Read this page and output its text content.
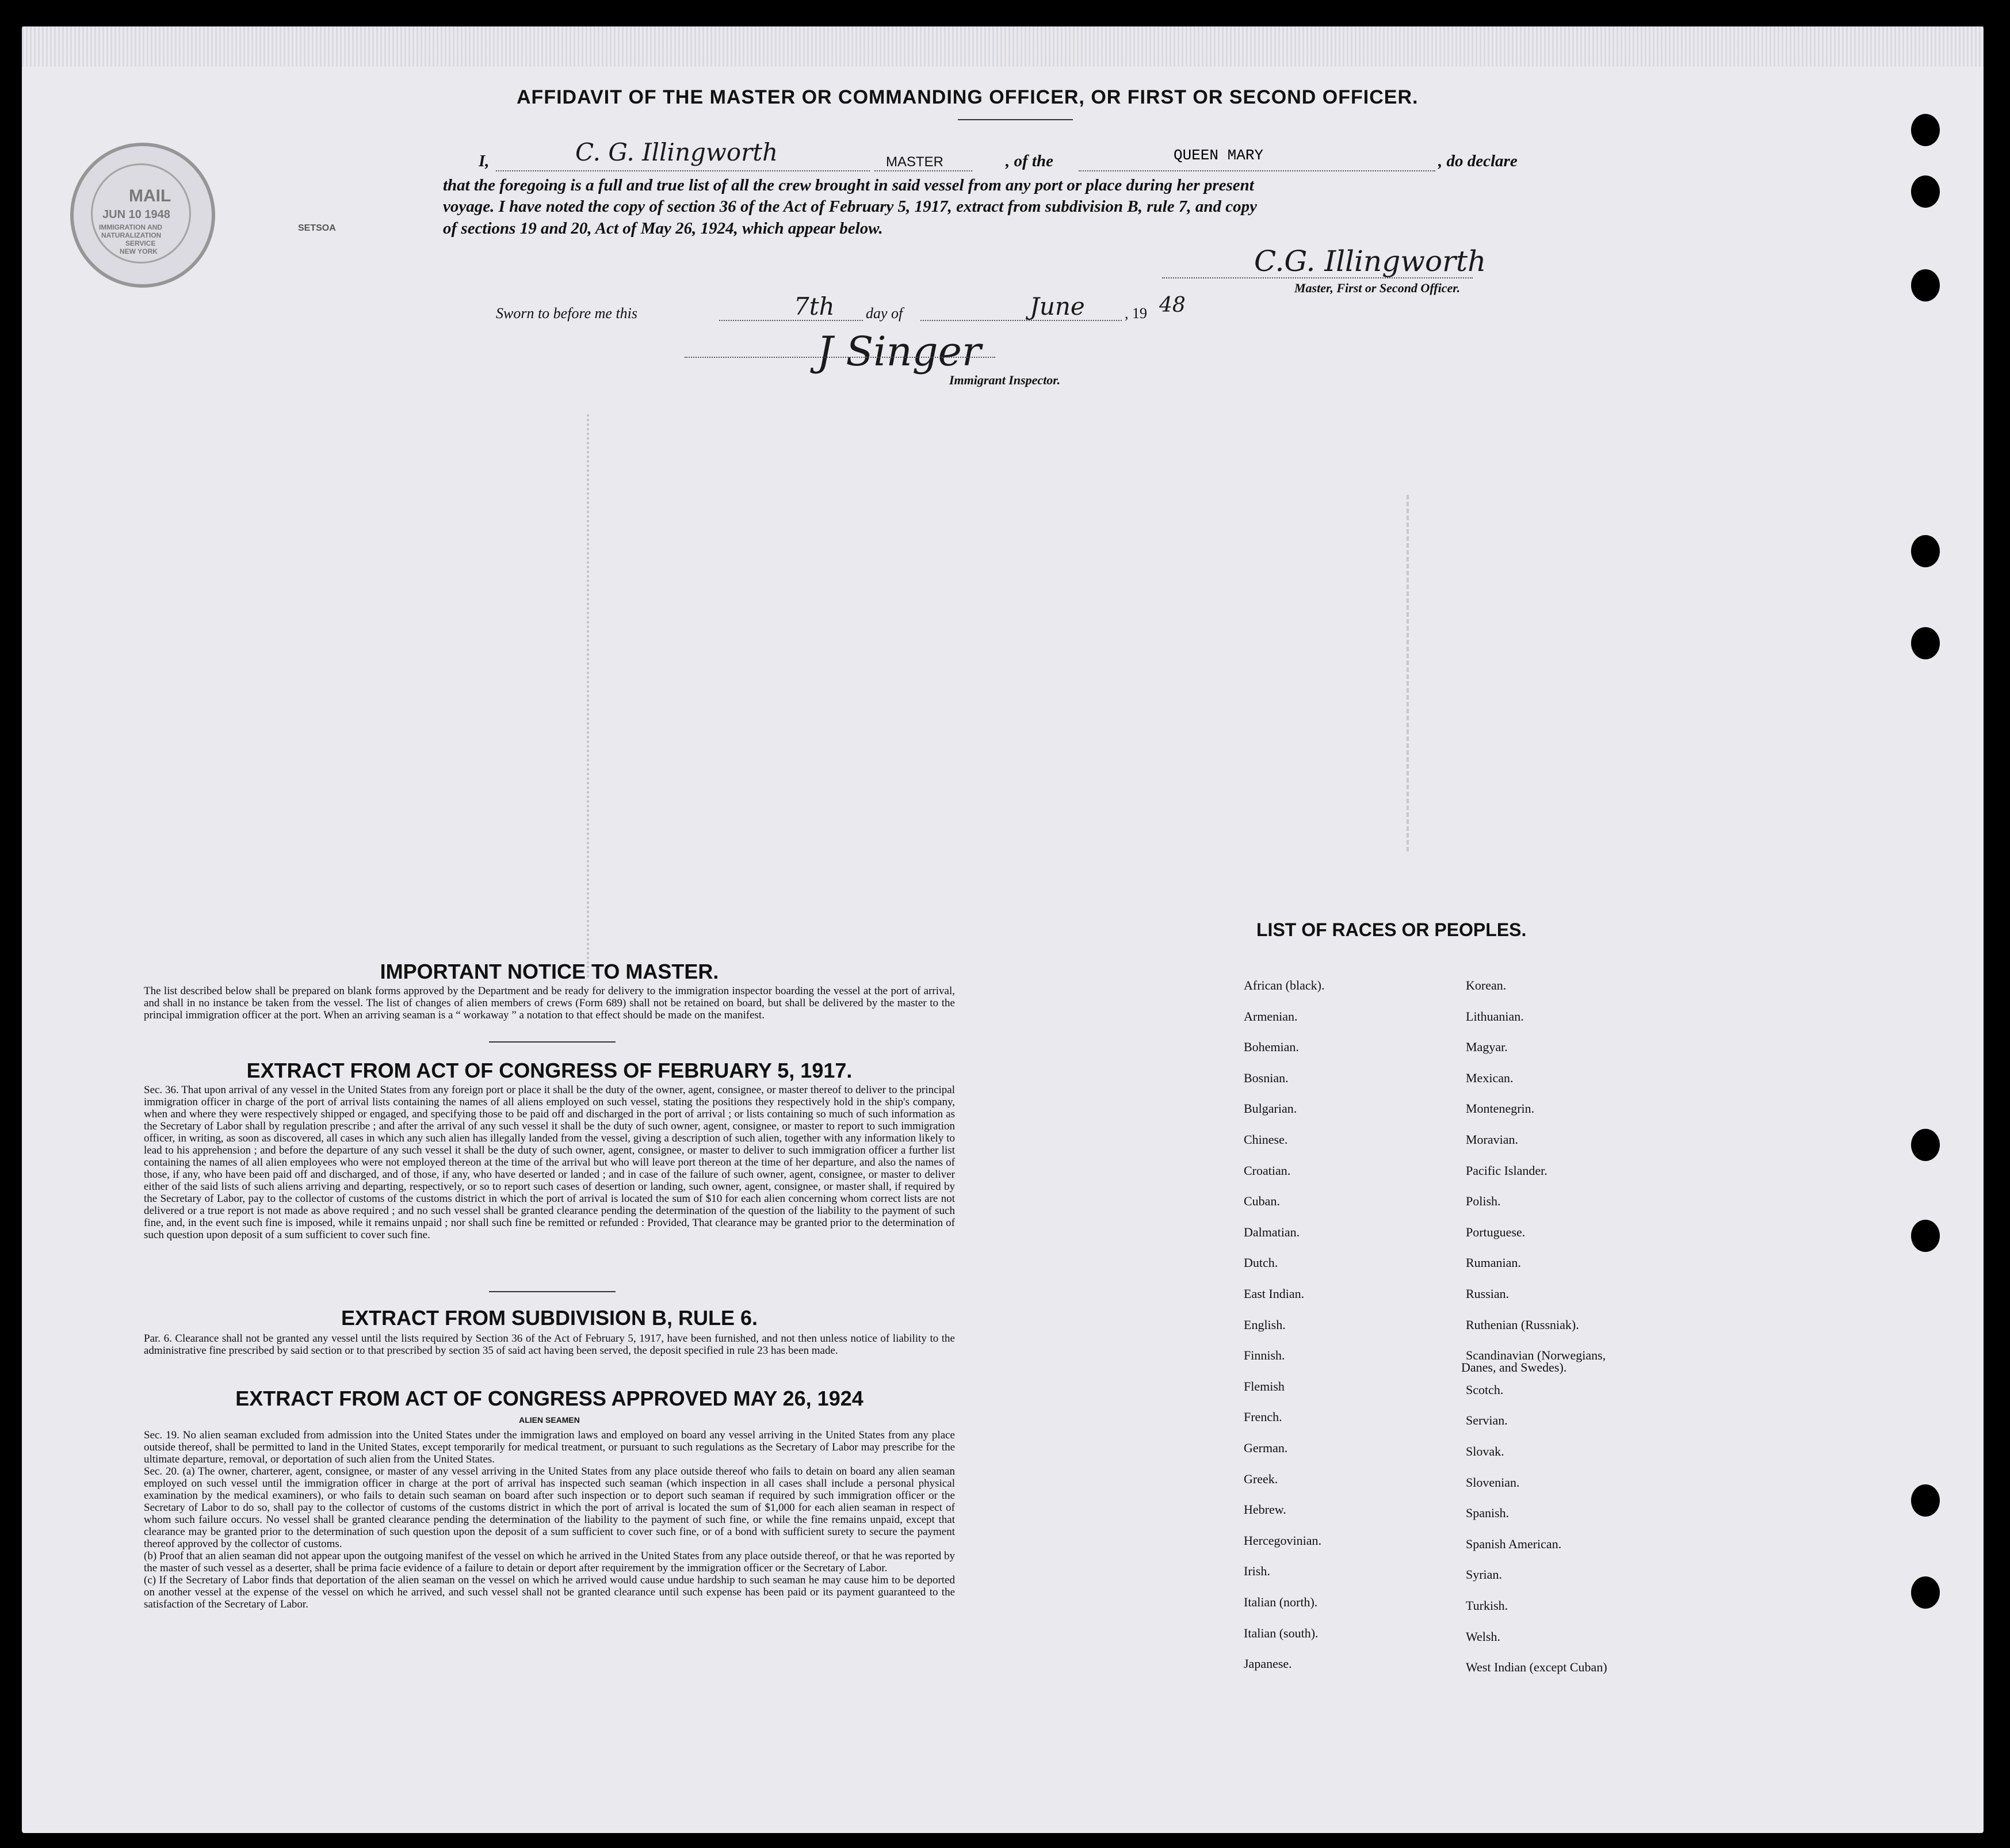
MAIL
JUN 10 1948
IMMIGRATION AND
NATURALIZATION
SERVICE
NEW YORK
SETSOA
AFFIDAVIT OF THE MASTER OR COMMANDING OFFICER, OR FIRST OR SECOND OFFICER.
I,	C. G. Illingworth	MASTER	, of the	QUEEN MARY	, do declare
that the foregoing is a full and true list of all the crew brought in said vessel from any port or place during her present
voyage. I have noted the copy of section 36 of the Act of February 5, 1917, extract from subdivision B, rule 7, and copy
of sections 19 and 20, Act of May 26, 1924, which appear below.
C.G. Illingworth
Master, First or Second Officer.
Sworn to before me this	7th day of	June	, 19 48
J Singer
Immigrant Inspector.
IMPORTANT NOTICE TO MASTER.

The list described below shall be prepared on blank forms approved by the Department and be ready for delivery to the immigration inspector boarding the vessel at the port of arrival, and shall in no instance be taken from the vessel. The list of changes of alien members of crews (Form 689) shall not be retained on board, but shall be delivered by the master to the principal immigration officer at the port. When an arriving seaman is a “ workaway ” a notation to that effect should be made on the manifest.

EXTRACT FROM ACT OF CONGRESS OF FEBRUARY 5, 1917.

Sec. 36. That upon arrival of any vessel in the United States from any foreign port or place it shall be the duty of the owner, agent, consignee, or master thereof to deliver to the principal immigration officer in charge of the port of arrival lists containing the names of all aliens employed on such vessel, stating the positions they respectively hold in the ship's company, when and where they were respectively shipped or engaged, and specifying those to be paid off and discharged in the port of arrival ; or lists containing so much of such information as the Secretary of Labor shall by regulation prescribe ; and after the arrival of any such vessel it shall be the duty of such owner, agent, consignee, or master to report to such immigration officer, in writing, as soon as discovered, all cases in which any such alien has illegally landed from the vessel, giving a description of such alien, together with any information likely to lead to his apprehension ; and before the departure of any such vessel it shall be the duty of such owner, agent, consignee, or master to deliver to such immigration officer a further list containing the names of all alien employees who were not employed thereon at the time of the arrival but who will leave port thereon at the time of her departure, and also the names of those, if any, who have been paid off and discharged, and of those, if any, who have deserted or landed ; and in case of the failure of such owner, agent, consignee, or master to deliver either of the said lists of such aliens arriving and departing, respectively, or so to report such cases of desertion or landing, such owner, agent, consignee, or master shall, if required by the Secretary of Labor, pay to the collector of customs of the customs district in which the port of arrival is located the sum of $10 for each alien concerning whom correct lists are not delivered or a true report is not made as above required ; and no such vessel shall be granted clearance pending the determination of the question of the liability to the payment of such fine, and, in the event such fine is imposed, while it remains unpaid ; nor shall such fine be remitted or refunded : Provided, That clearance may be granted prior to the determination of such question upon deposit of a sum sufficient to cover such fine.

EXTRACT FROM SUBDIVISION B, RULE 6.

Par. 6. Clearance shall not be granted any vessel until the lists required by Section 36 of the Act of February 5, 1917, have been furnished, and not then unless notice of liability to the administrative fine prescribed by said section or to that prescribed by section 35 of said act having been served, the deposit specified in rule 23 has been made.

EXTRACT FROM ACT OF CONGRESS APPROVED MAY 26, 1924
ALIEN SEAMEN

Sec. 19. No alien seaman excluded from admission into the United States under the immigration laws and employed on board any vessel arriving in the United States from any place outside thereof, shall be permitted to land in the United States, except temporarily for medical treatment, or pursuant to such regulations as the Secretary of Labor may prescribe for the ultimate departure, removal, or deportation of such alien from the United States.

Sec. 20. (a) The owner, charterer, agent, consignee, or master of any vessel arriving in the United States from any place outside thereof who fails to detain on board any alien seaman employed on such vessel until the immigration officer in charge at the port of arrival has inspected such seaman (which inspection in all cases shall include a personal physical examination by the medical examiners), or who fails to detain such seaman on board after such inspection or to deport such seaman if required by such immigration officer or the Secretary of Labor to do so, shall pay to the collector of customs of the customs district in which the port of arrival is located the sum of $1,000 for each alien seaman in respect of whom such failure occurs. No vessel shall be granted clearance pending the determination of the liability to the payment of such fine, or while the fine remains unpaid, except that clearance may be granted prior to the determination of such question upon the deposit of a sum sufficient to cover such fine, or of a bond with sufficient surety to secure the payment thereof approved by the collector of customs.

(b) Proof that an alien seaman did not appear upon the outgoing manifest of the vessel on which he arrived in the United States from any place outside thereof, or that he was reported by the master of such vessel as a deserter, shall be prima facie evidence of a failure to detain or deport after requirement by the immigration officer or the Secretary of Labor.

(c) If the Secretary of Labor finds that deportation of the alien seaman on the vessel on which he arrived would cause undue hardship to such seaman he may cause him to be deported on another vessel at the expense of the vessel on which he arrived, and such vessel shall not be granted clearance until such expense has been paid or its payment guaranteed to the satisfaction of the Secretary of Labor.

LIST OF RACES OR PEOPLES.
African (black).
Armenian.
Bohemian.
Bosnian.
Bulgarian.
Chinese.
Croatian.
Cuban.
Dalmatian.
Dutch.
East Indian.
English.
Finnish.
Flemish
French.
German.
Greek.
Hebrew.
Hercegovinian.
Irish.
Italian (north).
Italian (south).
Japanese.
Korean.
Lithuanian.
Magyar.
Mexican.
Montenegrin.
Moravian.
Pacific Islander.
Polish.
Portuguese.
Rumanian.
Russian.
Ruthenian (Russniak).
Scandinavian (Norwegians,
Scotch.
Servian.
Slovak.
Slovenian.
Spanish.
Spanish American.
Syrian.
Turkish.
Welsh.
West Indian (except Cuban)
Danes, and Swedes).
